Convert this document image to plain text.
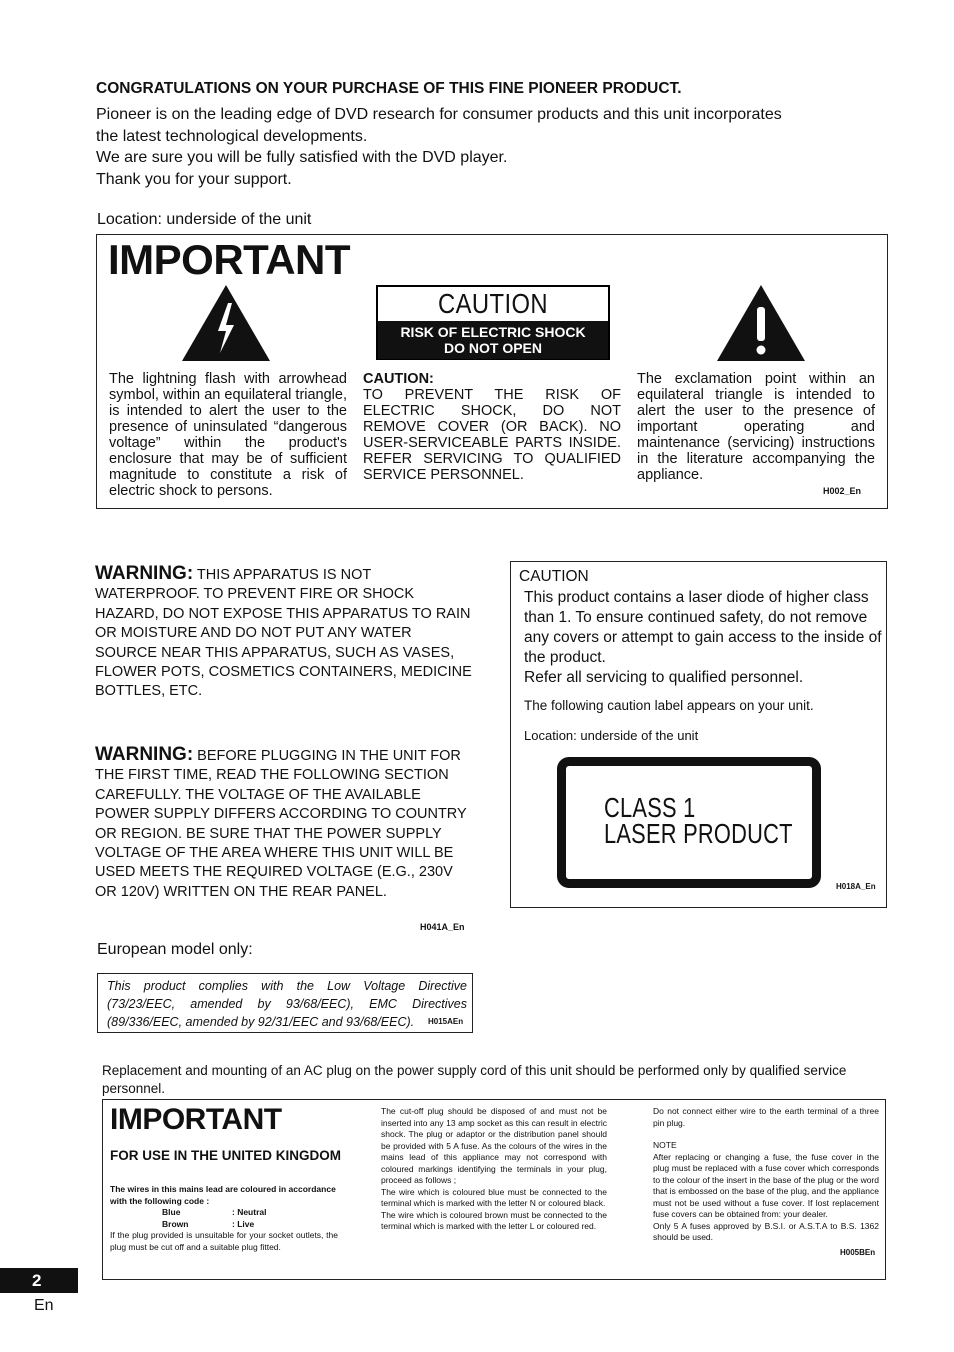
CONGRATULATIONS ON YOUR PURCHASE OF THIS FINE PIONEER PRODUCT.
Pioneer is on the leading edge of DVD research for consumer products and this unit incorporates
the latest technological developments.
We are sure you will be fully satisfied with the DVD player.
Thank you for your support.
Location: underside of the unit
IMPORTANT
CAUTION
RISK OF ELECTRIC SHOCK
DO NOT OPEN
The lightning flash with arrowhead symbol, within an equilateral triangle, is intended to alert the user to the presence of uninsulated “dangerous voltage” within the product's enclosure that may be of sufficient magnitude to constitute a risk of electric shock to persons.
CAUTION:
TO PREVENT THE RISK OF ELECTRIC SHOCK, DO NOT REMOVE COVER (OR BACK). NO USER-SERVICEABLE PARTS INSIDE. REFER SERVICING TO QUALIFIED SERVICE PERSONNEL.
The exclamation point within an equilateral triangle is intended to alert the user to the presence of important operating and maintenance (servicing) instructions in the literature accompanying the appliance.
H002_En
WARNING: THIS APPARATUS IS NOT WATERPROOF. TO PREVENT FIRE OR SHOCK HAZARD, DO NOT EXPOSE THIS APPARATUS TO RAIN OR MOISTURE AND DO NOT PUT ANY WATER SOURCE NEAR THIS APPARATUS, SUCH AS VASES, FLOWER POTS, COSMETICS CONTAINERS, MEDICINE BOTTLES, ETC.
WARNING: BEFORE PLUGGING IN THE UNIT FOR THE FIRST TIME, READ THE FOLLOWING SECTION CAREFULLY. THE VOLTAGE OF THE AVAILABLE POWER SUPPLY DIFFERS ACCORDING TO COUNTRY OR REGION. BE SURE THAT THE POWER SUPPLY VOLTAGE OF THE AREA WHERE THIS UNIT WILL BE USED MEETS THE REQUIRED VOLTAGE (E.G., 230V OR 120V) WRITTEN ON THE REAR PANEL.
H041A_En
CAUTION
This product contains a laser diode of higher class than 1. To ensure continued safety, do not remove any covers or attempt to gain access to the inside of the product.
Refer all servicing to qualified personnel.
The following caution label appears on your unit.
Location: underside of the unit
CLASS 1
LASER PRODUCT
H018A_En
European model only:
This product complies with the Low Voltage Directive (73/23/EEC, amended by 93/68/EEC), EMC Directives (89/336/EEC, amended by 92/31/EEC and 93/68/EEC).	H015AEn
Replacement and mounting of an AC plug on the power supply cord of this unit should be performed only by qualified service personnel.
IMPORTANT
FOR USE IN THE UNITED KINGDOM
The wires in this mains lead are coloured in accordance with the following code :
Blue	: Neutral
Brown	: Live
If the plug provided is unsuitable for your socket outlets, the plug must be cut off and a suitable plug fitted.
The cut-off plug should be disposed of and must not be inserted into any 13 amp socket as this can result in electric shock. The plug or adaptor or the distribution panel should be provided with 5 A fuse. As the colours of the wires in the mains lead of this appliance may not correspond with coloured markings identifying the terminals in your plug, proceed as follows ;
The wire which is coloured blue must be connected to the terminal which is marked with the letter N or coloured black.
The wire which is coloured brown must be connected to the terminal which is marked with the letter L or coloured red.
Do not connect either wire to the earth terminal of a three pin plug.
NOTE
After replacing or changing a fuse, the fuse cover in the plug must be replaced with a fuse cover which corresponds to the colour of the insert in the base of the plug or the word that is embossed on the base of the plug, and the appliance must not be used without a fuse cover. If lost replacement fuse covers can be obtained from: your dealer.
Only 5 A fuses approved by B.S.I. or A.S.T.A to B.S. 1362 should be used.
H005BEn
2
En
